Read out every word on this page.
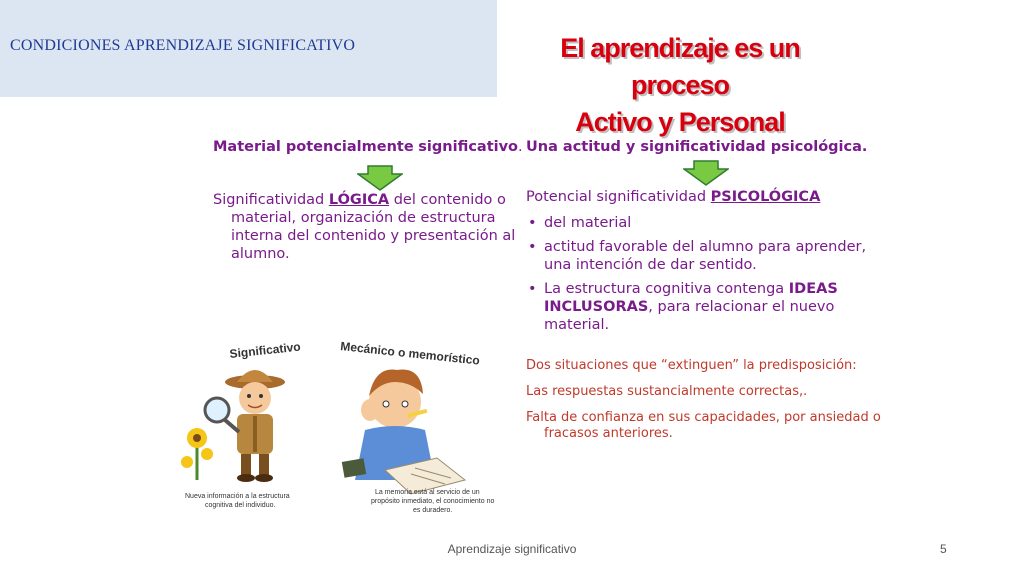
CONDICIONES APRENDIZAJE SIGNIFICATIVO	El aprendizaje es un proceso
Activo y Personal
Material potencialmente significativo.
Significatividad LÓGICA del contenido o material, organización de estructura interna del contenido y presentación al alumno.
Una actitud y significatividad psicológica.
Potencial significatividad PSICOLÓGICA
• del material
• actitud favorable del alumno para aprender, una intención de dar sentido.
• La estructura cognitiva contenga IDEAS INCLUSORAS, para relacionar el nuevo material.
Dos situaciones que “extinguen” la predisposición:
Las respuestas sustancialmente correctas,.
Falta de confianza en sus capacidades, por ansiedad o fracasos anteriores.
Significativo
Nueva información a la estructura cognitiva del individuo.
Mecánico o memorístico
La memoria está al servicio de un propósito inmediato, el conocimiento no es duradero.
Aprendizaje significativo	5
